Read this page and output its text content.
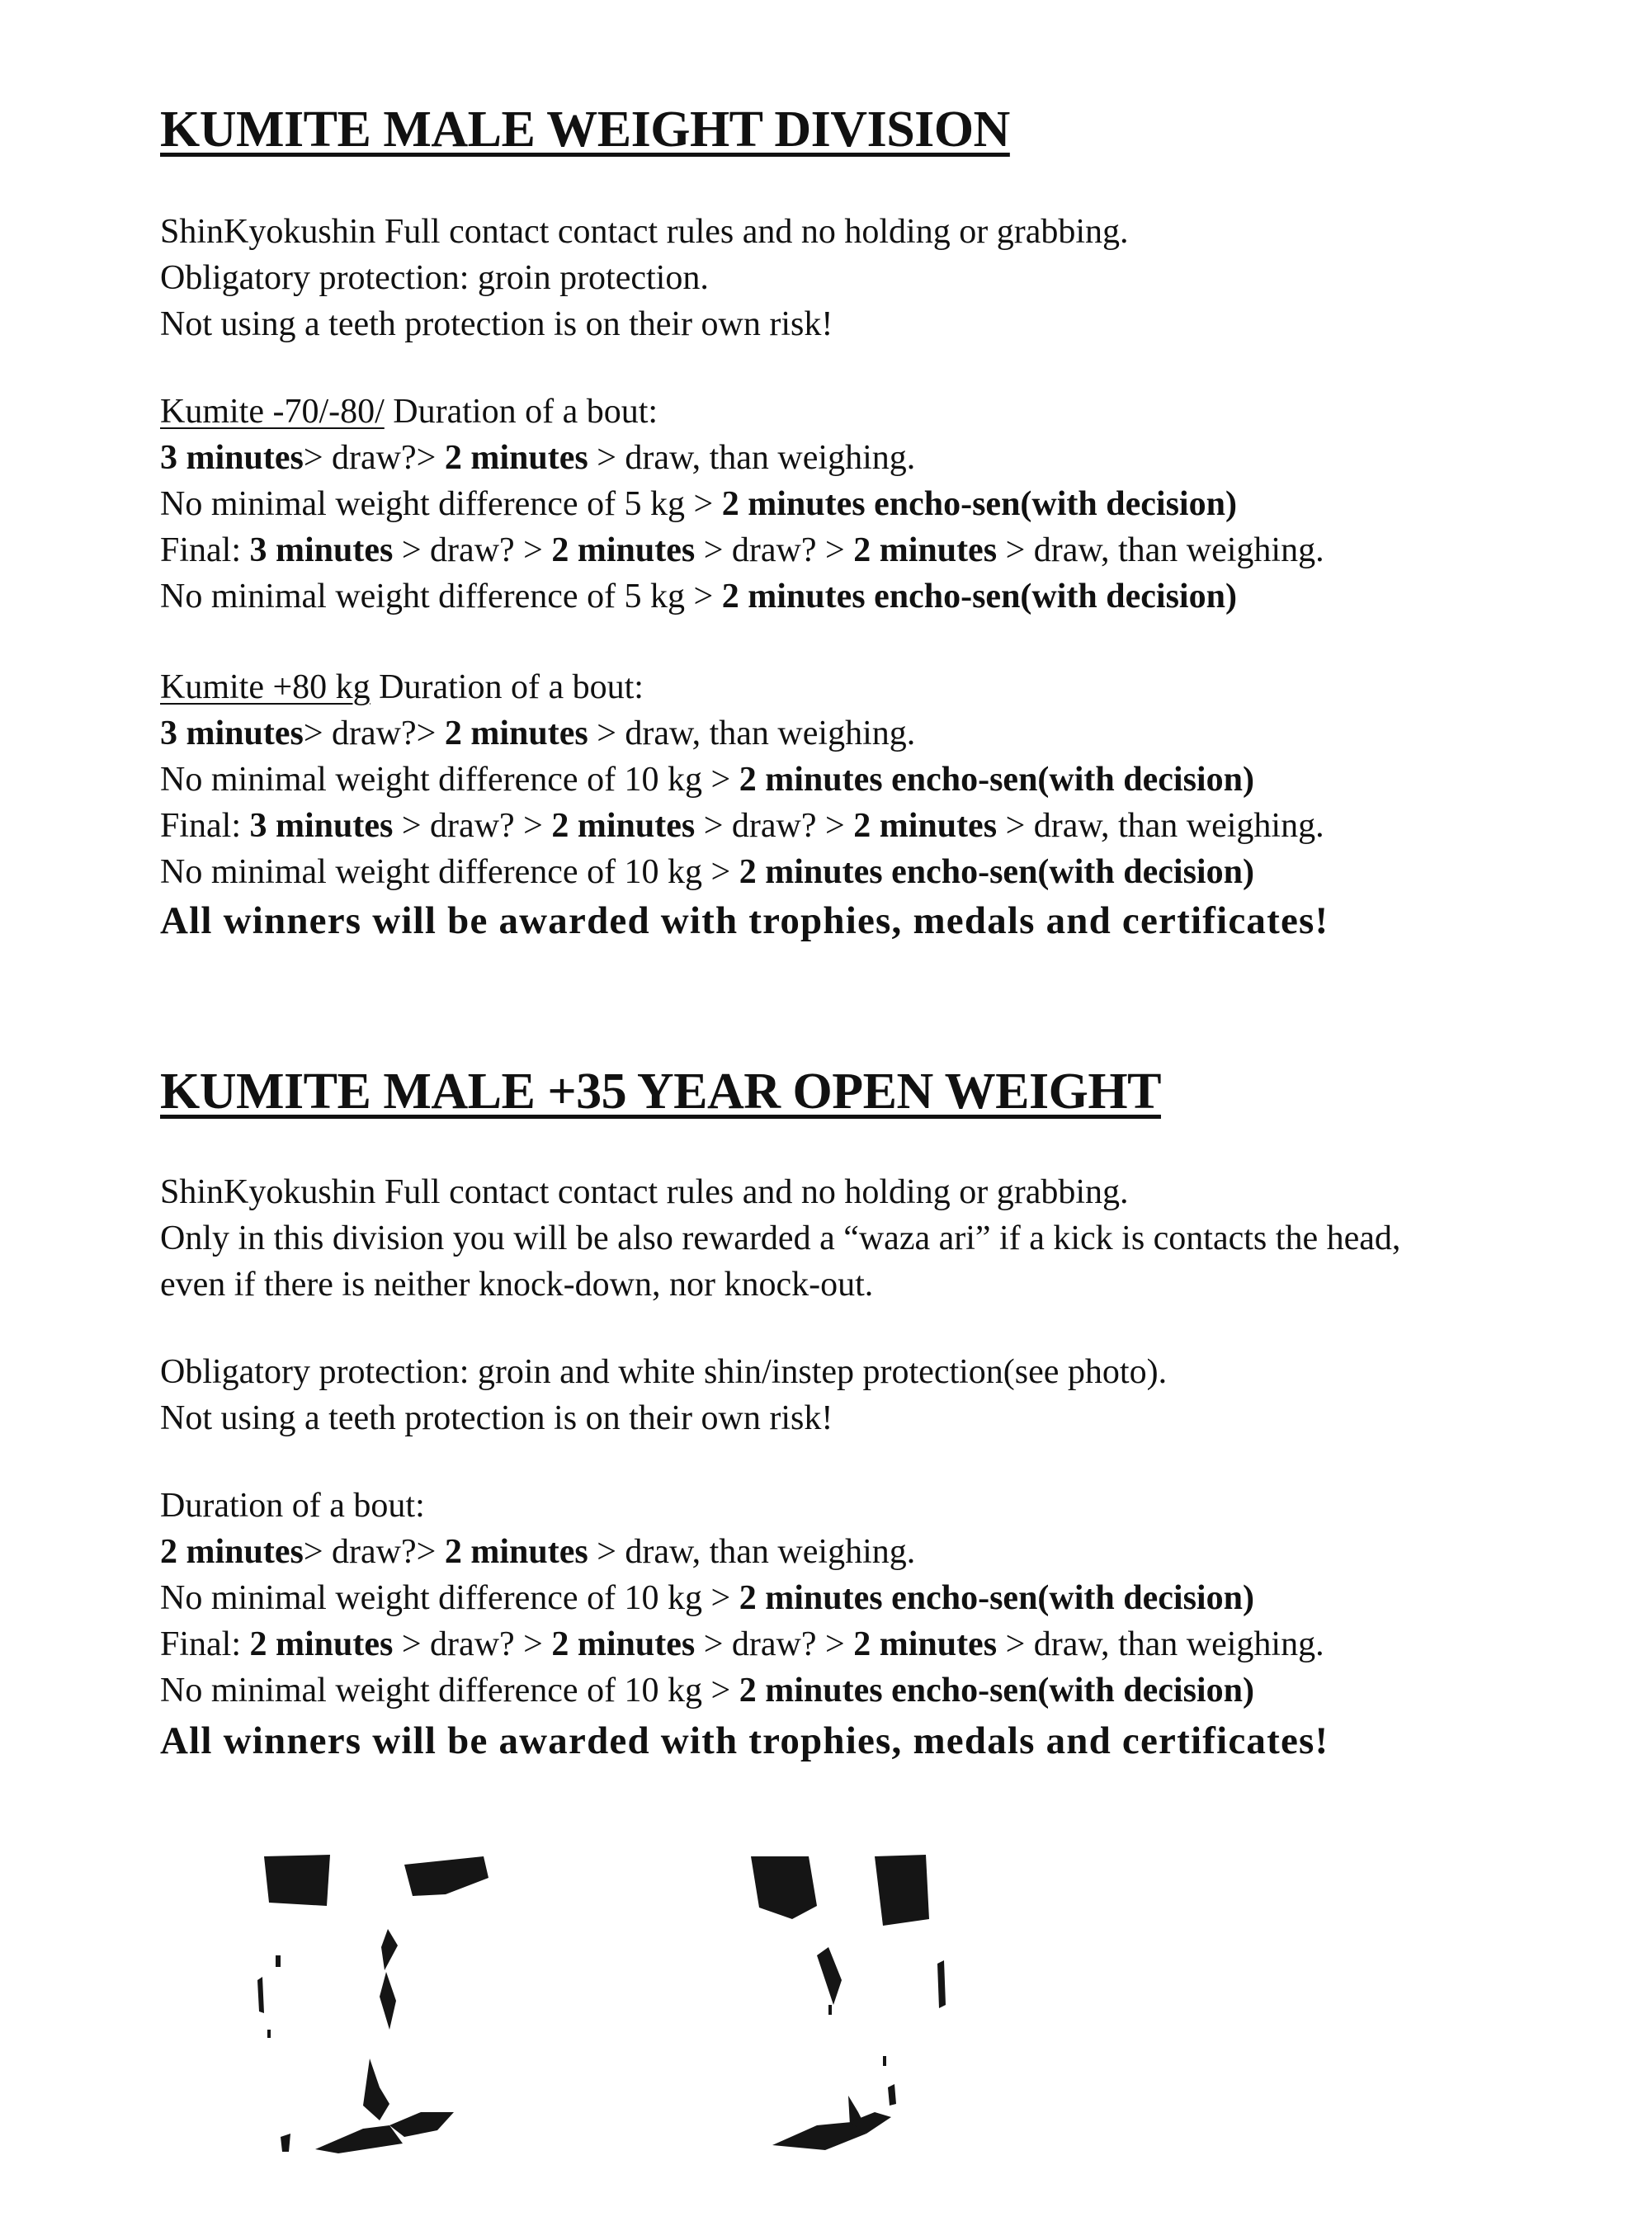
KUMITE MALE WEIGHT DIVISION

ShinKyokushin Full contact contact rules and no holding or grabbing.

Obligatory protection: groin protection.

Not using a teeth protection is on their own risk!

Kumite -70/-80/ Duration of a bout:

3 minutes> draw?> 2 minutes > draw, than weighing.

No minimal weight difference of 5 kg > 2 minutes encho-sen(with decision)

Final: 3 minutes > draw? > 2 minutes > draw? > 2 minutes > draw, than weighing.

No minimal weight difference of 5 kg > 2 minutes encho-sen(with decision)

Kumite +80 kg Duration of a bout:

3 minutes> draw?> 2 minutes > draw, than weighing.

No minimal weight difference of 10 kg > 2 minutes encho-sen(with decision)

Final: 3 minutes > draw? > 2 minutes > draw? > 2 minutes > draw, than weighing.

No minimal weight difference of 10 kg > 2 minutes encho-sen(with decision)

All winners will be awarded with trophies, medals and certificates!

KUMITE MALE +35 YEAR OPEN WEIGHT

ShinKyokushin Full contact contact rules and no holding or grabbing.

Only in this division you will be also rewarded a “waza ari” if a kick is contacts the head,

even if there is neither knock-down, nor knock-out.

Obligatory protection: groin and white shin/instep protection(see photo).

Not using a teeth protection is on their own risk!

Duration of a bout:

2 minutes> draw?> 2 minutes > draw, than weighing.

No minimal weight difference of 10 kg > 2 minutes encho-sen(with decision)

Final: 2 minutes > draw? > 2 minutes > draw? > 2 minutes > draw, than weighing.

No minimal weight difference of 10 kg > 2 minutes encho-sen(with decision)

All winners will be awarded with trophies, medals and certificates!
